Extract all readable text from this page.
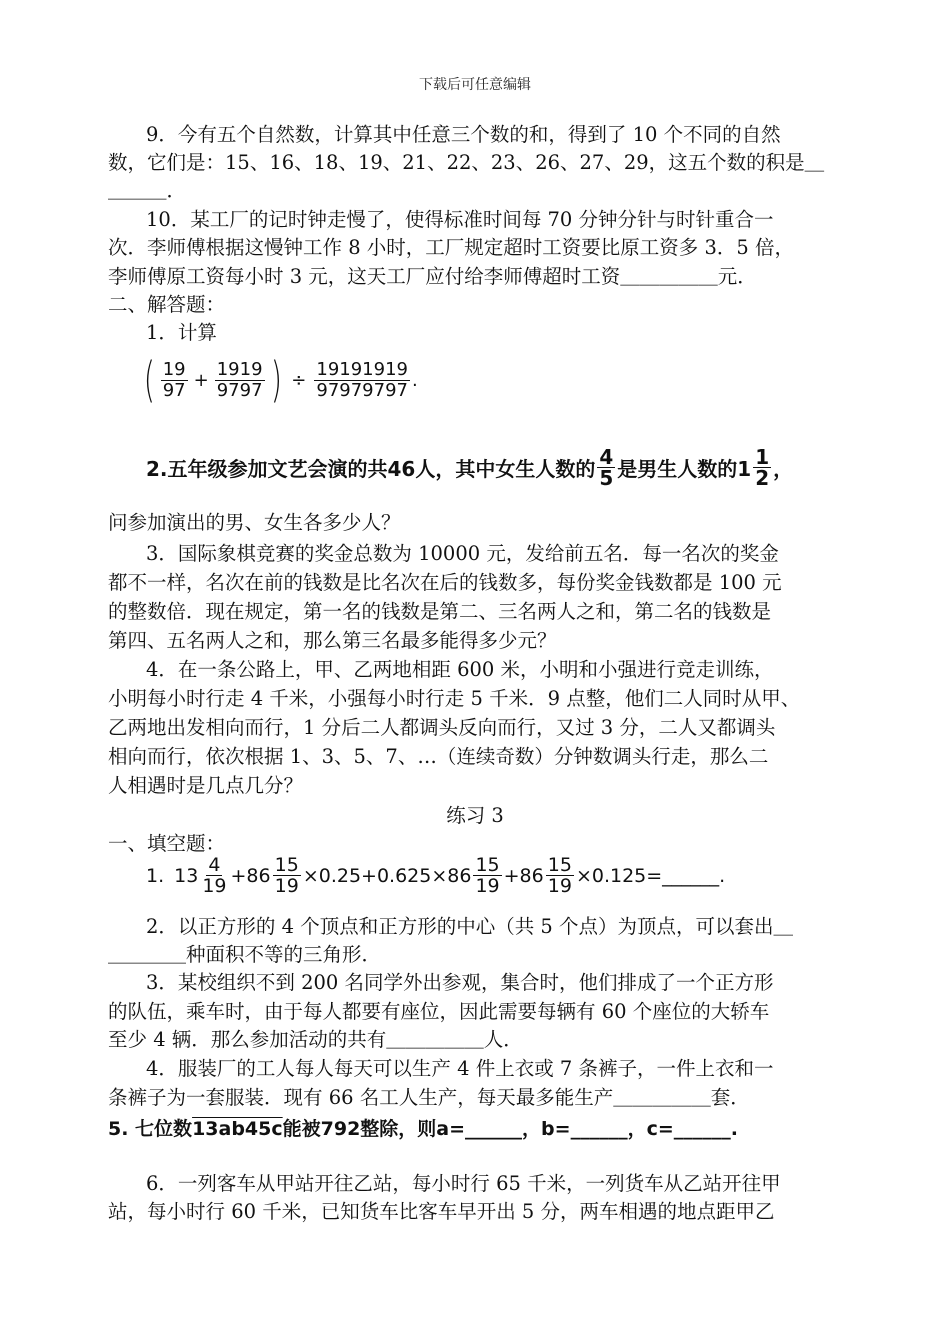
下载后可任意编辑
9．今有五个自然数，计算其中任意三个数的和，得到了 10 个不同的自然
数，它们是：15、16、18、19、21、22、23、26、27、29，这五个数的积是＿
＿＿＿．
10．某工厂的记时钟走慢了，使得标准时间每 70 分钟分针与时针重合一
次．李师傅根据这慢钟工作 8 小时，工厂规定超时工资要比原工资多 3．5 倍，
李师傅原工资每小时 3 元，这天工厂应付给李师傅超时工资＿＿＿＿＿元．
二、解答题：
1．计算
( $\frac{19}{97} + \frac{1919}{9797}$ ) ÷ $\frac{19191919}{97979797}$ .
2.五年级参加文艺会演的共46人，其中女生人数的 $\frac{4}{5}$ 是男生人数的$1 \frac{1}{2}$ ，
问参加演出的男、女生各多少人？
3．国际象棋竞赛的奖金总数为 10000 元，发给前五名．每一名次的奖金
都不一样，名次在前的钱数是比名次在后的钱数多，每份奖金钱数都是 100 元
的整数倍．现在规定，第一名的钱数是第二、三名两人之和，第二名的钱数是
第四、五名两人之和，那么第三名最多能得多少元？
4．在一条公路上，甲、乙两地相距 600 米，小明和小强进行竞走训练，
小明每小时行走 4 千米，小强每小时行走 5 千米．9 点整，他们二人同时从甲、
乙两地出发相向而行，1 分后二人都调头反向而行，又过 3 分，二人又都调头
相向而行，依次根据 1、3、5、7、…（连续奇数）分钟数调头行走，那么二
人相遇时是几点几分？
练习 3
一、填空题：
1. $13 \frac{4}{19} +86 \frac{15}{19} \times 0.25+0.625\times 86 \frac{15}{19} +86 \frac{15}{19}$ ×0.125=______.
2．以正方形的 4 个顶点和正方形的中心（共 5 个点）为顶点，可以套出＿
＿＿＿＿种面积不等的三角形．
3．某校组织不到 200 名同学外出参观，集合时，他们排成了一个正方形
的队伍，乘车时，由于每人都要有座位，因此需要每辆有 60 个座位的大轿车
至少 4 辆．那么参加活动的共有＿＿＿＿＿人．
4．服装厂的工人每人每天可以生产 4 件上衣或 7 条裤子，一件上衣和一
条裤子为一套服装．现有 66 名工人生产，每天最多能生产＿＿＿＿＿套．
5. 七位数13ab45c能被792整除，则a=______，b=______，c=______.
6．一列客车从甲站开往乙站，每小时行 65 千米，一列货车从乙站开往甲
站，每小时行 60 千米，已知货车比客车早开出 5 分，两车相遇的地点距甲乙
